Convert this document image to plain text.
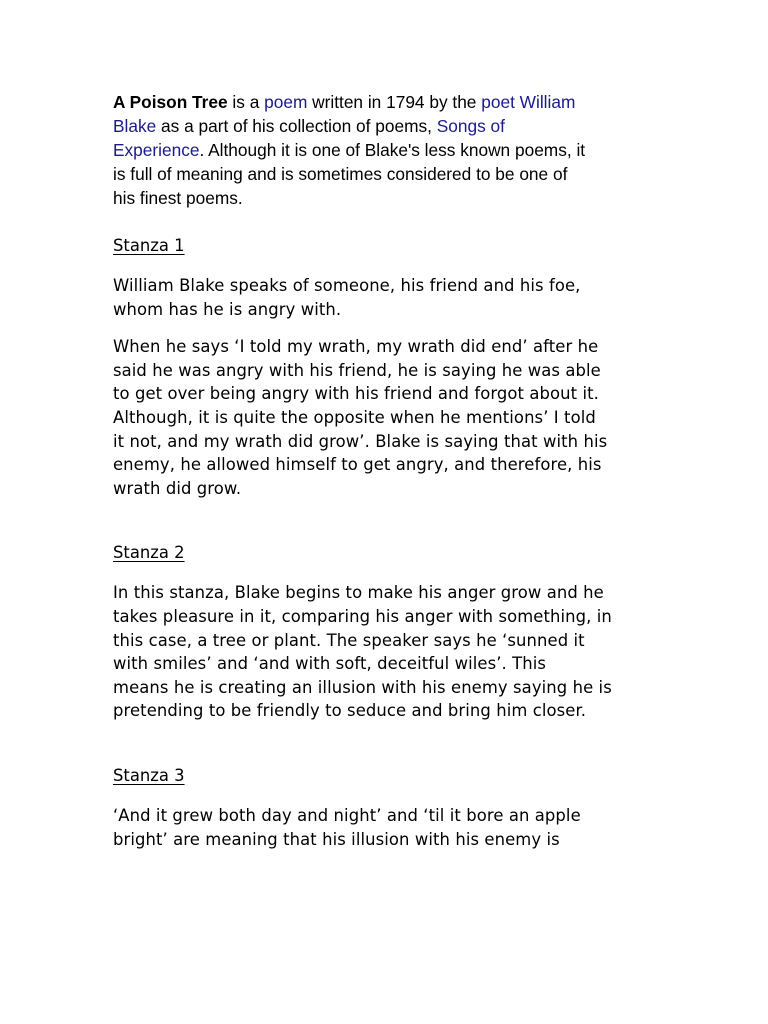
A Poison Tree is a poem written in 1794 by the poet William
Blake as a part of his collection of poems, Songs of
Experience. Although it is one of Blake's less known poems, it
is full of meaning and is sometimes considered to be one of
his finest poems.

Stanza 1

William Blake speaks of someone, his friend and his foe,
whom has he is angry with.

When he says ‘I told my wrath, my wrath did end’ after he
said he was angry with his friend, he is saying he was able
to get over being angry with his friend and forgot about it.
Although, it is quite the opposite when he mentions’ I told
it not, and my wrath did grow’. Blake is saying that with his
enemy, he allowed himself to get angry, and therefore, his
wrath did grow.

Stanza 2

In this stanza, Blake begins to make his anger grow and he
takes pleasure in it, comparing his anger with something, in
this case, a tree or plant. The speaker says he ‘sunned it
with smiles’ and ‘and with soft, deceitful wiles’. This
means he is creating an illusion with his enemy saying he is
pretending to be friendly to seduce and bring him closer.

Stanza 3

‘And it grew both day and night’ and ‘til it bore an apple
bright’ are meaning that his illusion with his enemy is
